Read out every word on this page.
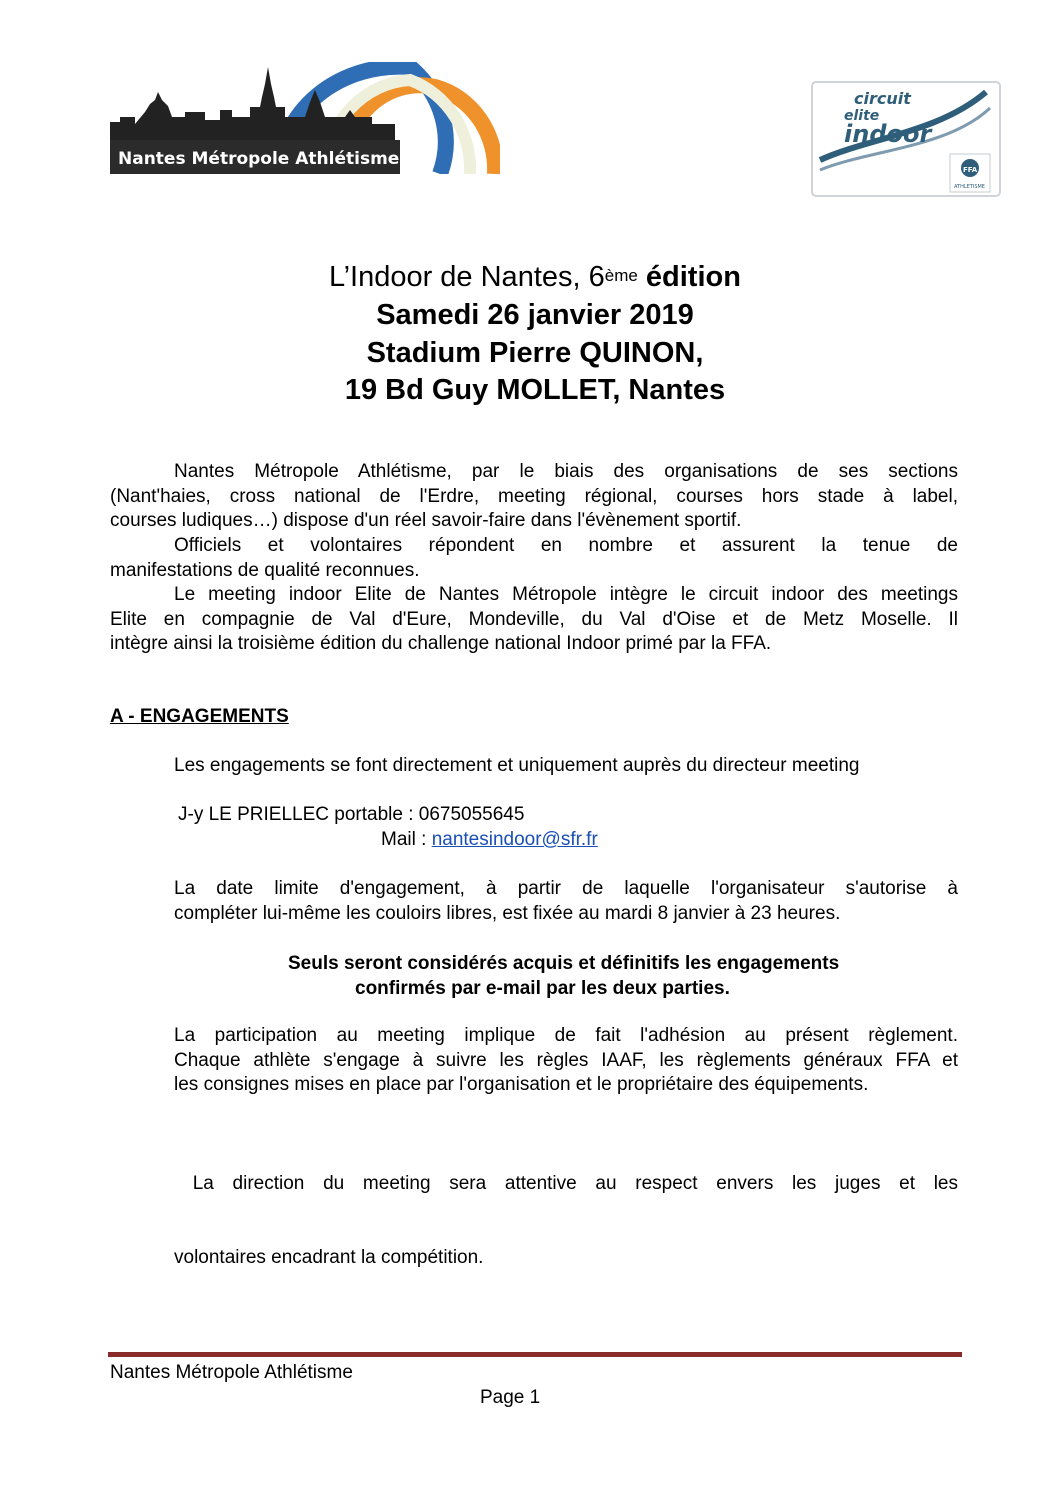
Nantes Métropole Athlétisme
circuit
elite
indoor
FFA
ATHLETISME
L’Indoor de Nantes, 6ème édition
Samedi 26 janvier 2019
Stadium Pierre QUINON,
19 Bd Guy MOLLET, Nantes
Nantes Métropole Athlétisme, par le biais des organisations de ses sections
(Nant'haies, cross national de l'Erdre, meeting régional, courses hors stade à label,
courses ludiques…) dispose d'un réel savoir-faire dans l'évènement sportif.
Officiels et volontaires répondent en nombre et assurent la tenue de
manifestations de qualité reconnues.
Le meeting indoor Elite de Nantes Métropole intègre le circuit indoor des meetings
Elite en compagnie de Val d'Eure, Mondeville, du Val d'Oise et de Metz Moselle. Il
intègre ainsi la troisième édition du challenge national Indoor primé par la FFA.
A - ENGAGEMENTS
Les engagements se font directement et uniquement auprès du directeur meeting
J-y LE PRIELLEC portable : 0675055645
Mail : nantesindoor@sfr.fr
La date limite d'engagement, à partir de laquelle l'organisateur s'autorise à
compléter lui-même les couloirs libres, est fixée au mardi 8 janvier à 23 heures.
Seuls seront considérés acquis et définitifs les engagements
confirmés par e-mail par les deux parties.
La participation au meeting implique de fait l'adhésion au présent règlement.
Chaque athlète s'engage à suivre les règles IAAF, les règlements généraux FFA et
les consignes mises en place par l'organisation et le propriétaire des équipements.

La direction du meeting sera attentive au respect envers les juges et les

volontaires encadrant la compétition.

Nantes Métropole Athlétisme
Page 1
